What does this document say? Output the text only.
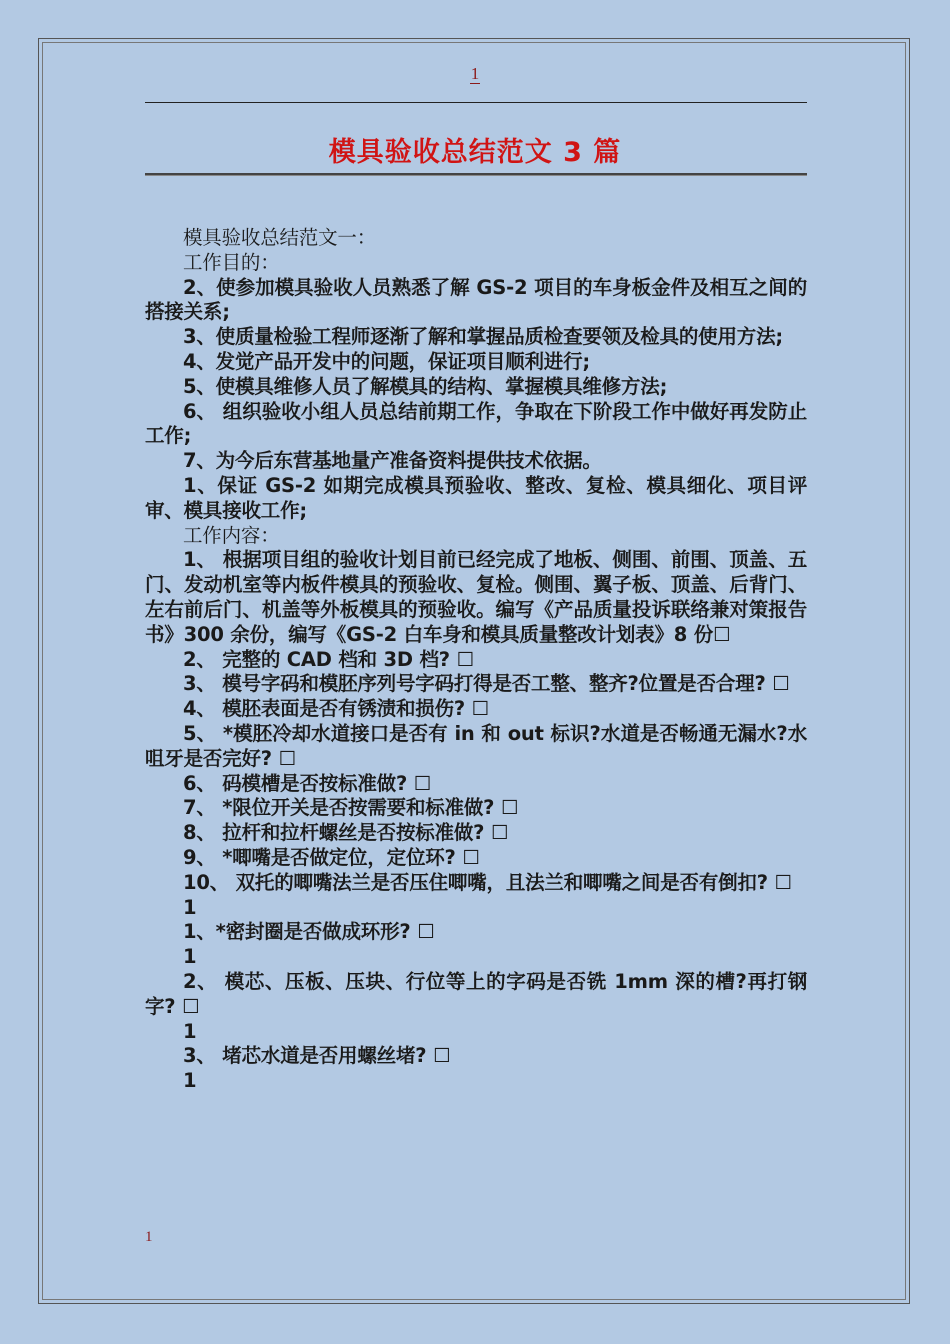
1
模具验收总结范文 3 篇

模具验收总结范文一：

工作目的：

2、使参加模具验收人员熟悉了解 GS-2 项目的车身板金件及相互之间的搭接关系;

3、使质量检验工程师逐渐了解和掌握品质检查要领及检具的使用方法;

4、发觉产品开发中的问题，保证项目顺利进行;

5、使模具维修人员了解模具的结构、掌握模具维修方法;

6、 组织验收小组人员总结前期工作，争取在下阶段工作中做好再发防止工作;

7、为今后东营基地量产准备资料提供技术依据。

1、保证 GS-2 如期完成模具预验收、整改、复检、模具细化、项目评审、模具接收工作;

工作内容：

1、 根据项目组的验收计划目前已经完成了地板、侧围、前围、顶盖、五门、发动机室等内板件模具的预验收、复检。侧围、翼子板、顶盖、后背门、左右前后门、机盖等外板模具的预验收。编写《产品质量投诉联络兼对策报告书》300 余份，编写《GS-2 白车身和模具质量整改计划表》8 份☐

2、 完整的 CAD 档和 3D 档? ☐

3、 模号字码和模胚序列号字码打得是否工整、整齐?位置是否合理? ☐

4、 模胚表面是否有锈渍和损伤? ☐

5、 *模胚冷却水道接口是否有 in 和 out 标识?水道是否畅通无漏水?水咀牙是否完好? ☐

6、 码模槽是否按标准做? ☐

7、 *限位开关是否按需要和标准做? ☐

8、 拉杆和拉杆螺丝是否按标准做? ☐

9、 *唧嘴是否做定位，定位环? ☐

10、 双托的唧嘴法兰是否压住唧嘴，且法兰和唧嘴之间是否有倒扣? ☐

1

1、*密封圈是否做成环形? ☐

1

2、 模芯、压板、压块、行位等上的字码是否铣 1mm 深的槽?再打钢字? ☐

1

3、 堵芯水道是否用螺丝堵? ☐

1

1
